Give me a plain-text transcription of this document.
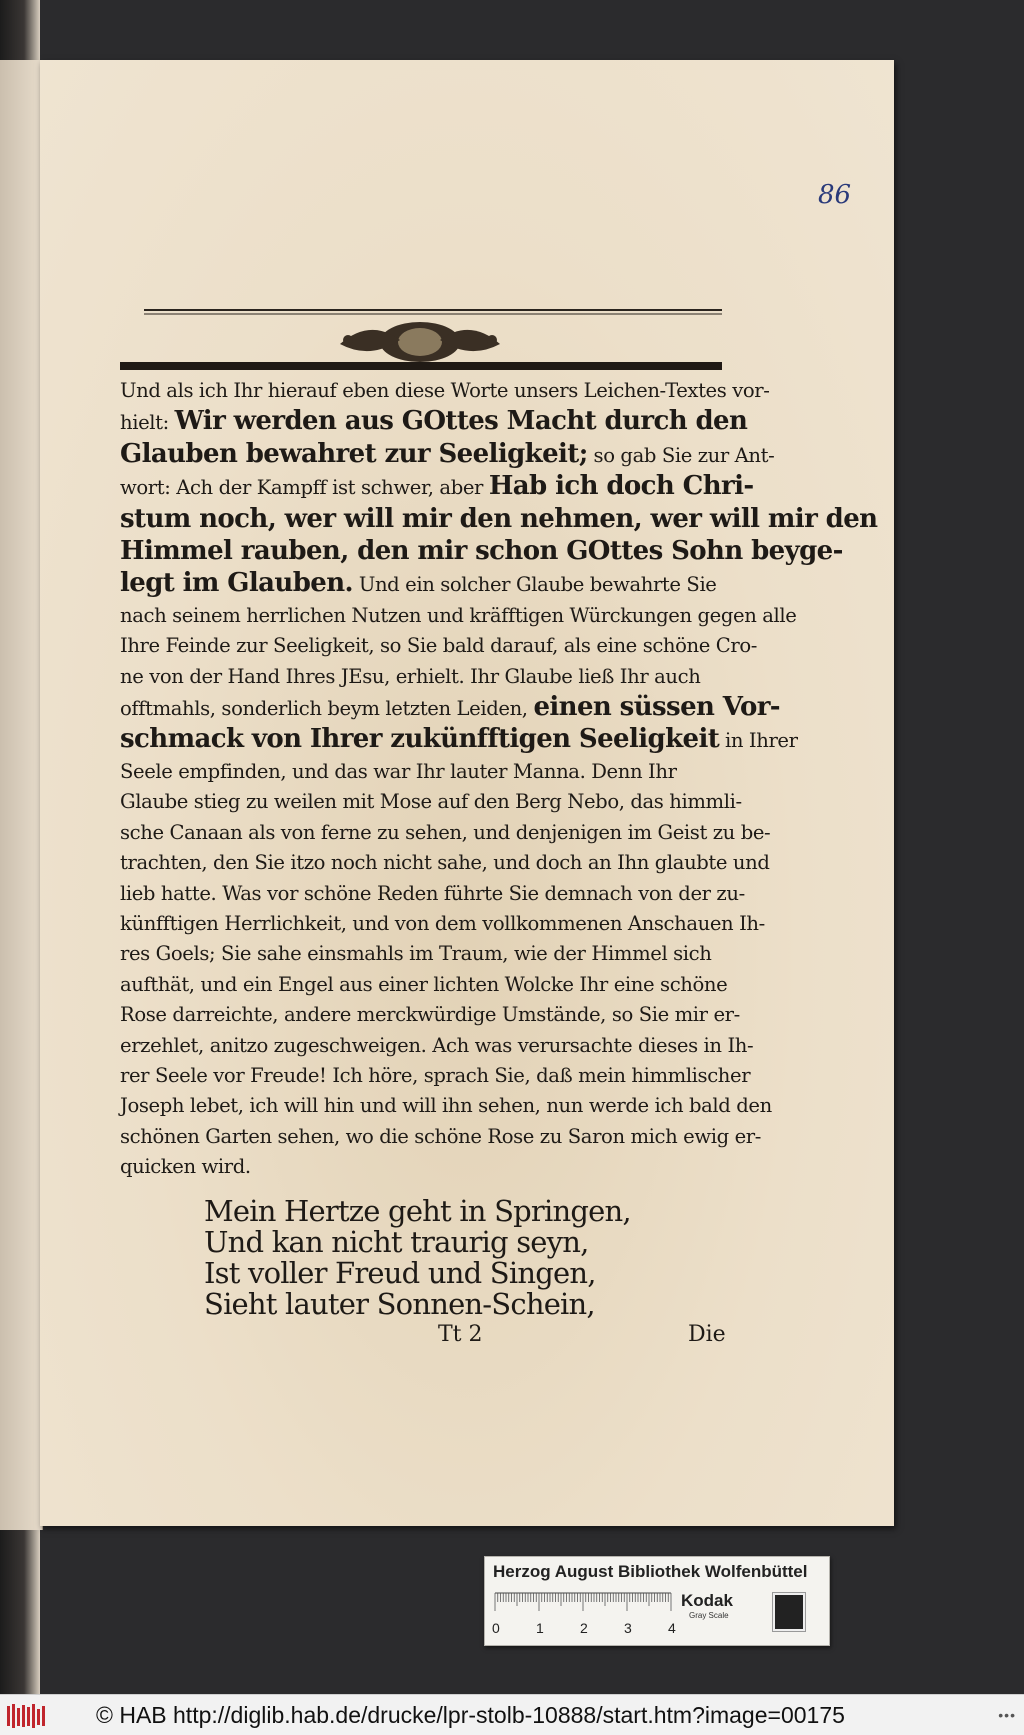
86
Und als ich Ihr hierauf eben diese Worte unsers Leichen-Textes vor-
hielt: Wir werden aus GOttes Macht durch den
Glauben bewahret zur Seeligkeit; so gab Sie zur Ant-
wort: Ach der Kampff ist schwer, aber Hab ich doch Chri-
stum noch, wer will mir den nehmen, wer will mir den
Himmel rauben, den mir schon GOttes Sohn beyge-
legt im Glauben. Und ein solcher Glaube bewahrte Sie
nach seinem herrlichen Nutzen und kräfftigen Würckungen gegen alle
Ihre Feinde zur Seeligkeit, so Sie bald darauf, als eine schöne Cro-
ne von der Hand Ihres JEsu, erhielt. Ihr Glaube ließ Ihr auch
offtmahls, sonderlich beym letzten Leiden, einen süssen Vor-
schmack von Ihrer zukünfftigen Seeligkeit in Ihrer
Seele empfinden, und das war Ihr lauter Manna. Denn Ihr
Glaube stieg zu weilen mit Mose auf den Berg Nebo, das himmli-
sche Canaan als von ferne zu sehen, und denjenigen im Geist zu be-
trachten, den Sie itzo noch nicht sahe, und doch an Ihn glaubte und
lieb hatte. Was vor schöne Reden führte Sie demnach von der zu-
künfftigen Herrlichkeit, und von dem vollkommenen Anschauen Ih-
res Goels; Sie sahe einsmahls im Traum, wie der Himmel sich
aufthät, und ein Engel aus einer lichten Wolcke Ihr eine schöne
Rose darreichte, andere merckwürdige Umstände, so Sie mir er-
erzehlet, anitzo zugeschweigen. Ach was verursachte dieses in Ih-
rer Seele vor Freude! Ich höre, sprach Sie, daß mein himmlischer
Joseph lebet, ich will hin und will ihn sehen, nun werde ich bald den
schönen Garten sehen, wo die schöne Rose zu Saron mich ewig er-
quicken wird.
Mein Hertze geht in Springen,
Und kan nicht traurig seyn,
Ist voller Freud und Singen,
Sieht lauter Sonnen-Schein,
Tt 2	Die
Herzog August Bibliothek Wolfenbüttel
0	1	2	3	4
Kodak
Gray Scale
© HAB http://diglib.hab.de/drucke/lpr-stolb-10888/start.htm?image=00175	•••
